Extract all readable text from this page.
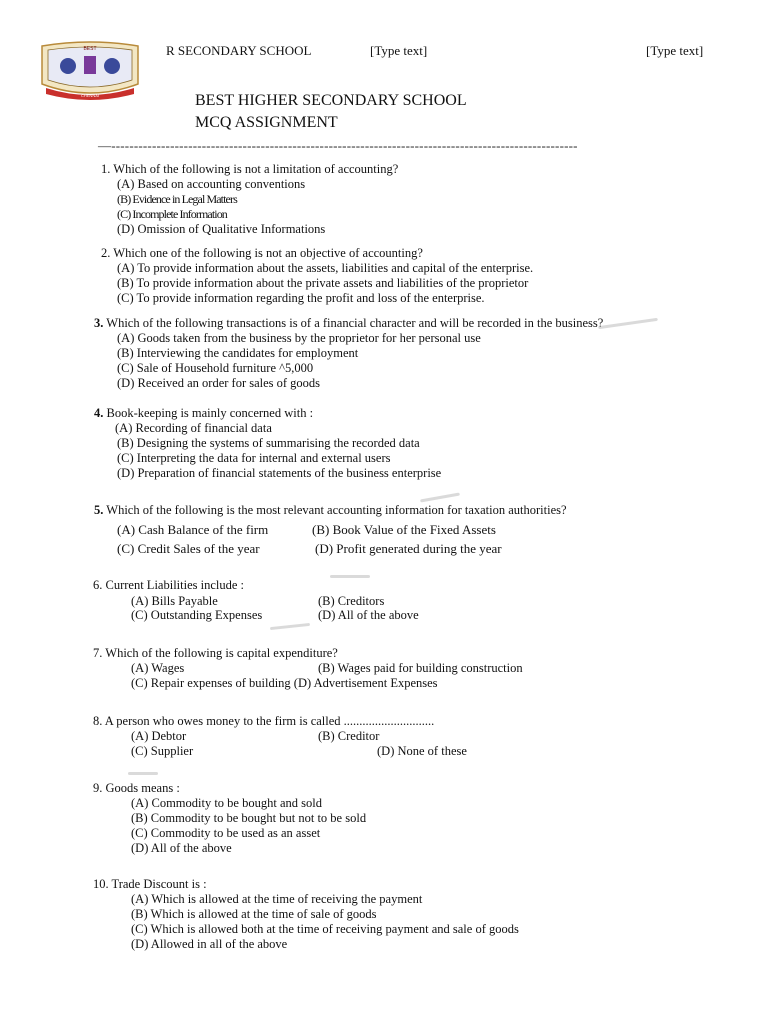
BEST
CHENNAI
R SECONDARY SCHOOL	[Type text]	[Type text]
BEST HIGHER SECONDARY SCHOOL
MCQ ASSIGNMENT
—-------------------------------------------------------------------------------------------------------
1. Which of the following is not a limitation of accounting?
(A) Based on accounting conventions
(B) Evidence in Legal Matters
(C) Incomplete Information
(D) Omission of Qualitative Informations
2. Which one of the following is not an objective of accounting?
(A) To provide information about the assets, liabilities and capital of the enterprise.
(B) To provide information about the private assets and liabilities of the proprietor
(C) To provide information regarding the profit and loss of the enterprise.
3. Which of the following transactions is of a financial character and will be recorded in the business?
(A) Goods taken from the business by the proprietor for her personal use
(B) Interviewing the candidates for employment
(C) Sale of Household furniture ^5,000
(D) Received an order for sales of goods
4. Book-keeping is mainly concerned with :
(A) Recording of financial data
(B) Designing the systems of summarising the recorded data
(C) Interpreting the data for internal and external users
(D) Preparation of financial statements of the business enterprise
5. Which of the following is the most relevant accounting information for taxation authorities?
(A) Cash Balance of the firm	(B) Book Value of the Fixed Assets
(C) Credit Sales of the year	(D) Profit generated during the year
6. Current Liabilities include :
(A) Bills Payable	(B) Creditors
(C) Outstanding Expenses	(D) All of the above
7. Which of the following is capital expenditure?
(A) Wages	(B) Wages paid for building construction
(C) Repair expenses of building (D) Advertisement Expenses
8. A person who owes money to the firm is called .............................
(A) Debtor	(B) Creditor
(C) Supplier	(D) None of these
9. Goods means :
(A) Commodity to be bought and sold
(B) Commodity to be bought but not to be sold
(C) Commodity to be used as an asset
(D) All of the above
10. Trade Discount is :
(A) Which is allowed at the time of receiving the payment
(B) Which is allowed at the time of sale of goods
(C) Which is allowed both at the time of receiving payment and sale of goods
(D) Allowed in all of the above
